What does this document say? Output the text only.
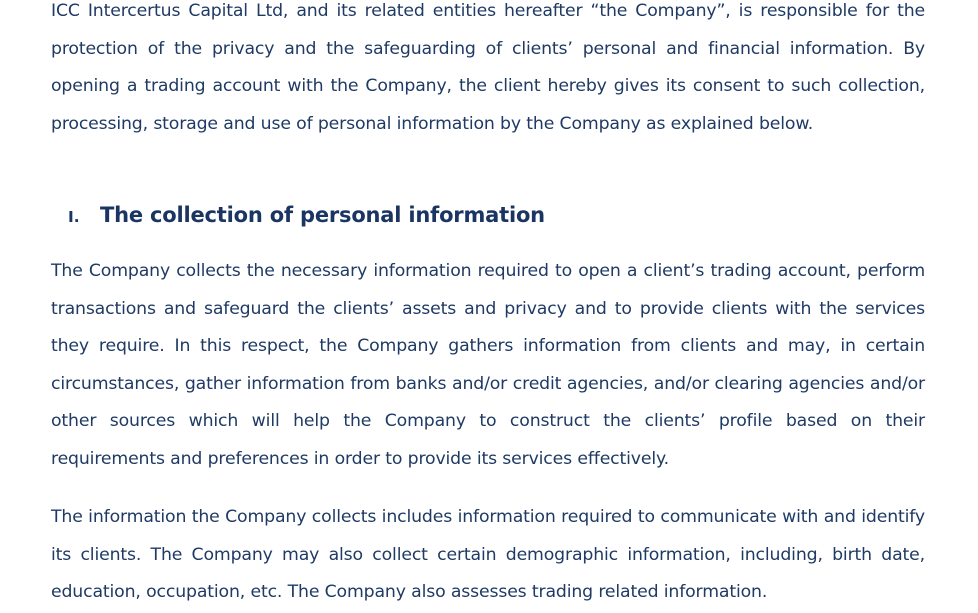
ICC Intercertus Capital Ltd, and its related entities hereafter “the Company”, is responsible for the protection of the privacy and the safeguarding of clients’ personal and financial information. By opening a trading account with the Company, the client hereby gives its consent to such collection, processing, storage and use of personal information by the Company as explained below.

I. The collection of personal information

The Company collects the necessary information required to open a client’s trading account, perform transactions and safeguard the clients’ assets and privacy and to provide clients with the services they require. In this respect, the Company gathers information from clients and may, in certain circumstances, gather information from banks and/or credit agencies, and/or clearing agencies and/or other sources which will help the Company to construct the clients’ profile based on their requirements and preferences in order to provide its services effectively.

The information the Company collects includes information required to communicate with and identify its clients. The Company may also collect certain demographic information, including, birth date, education, occupation, etc. The Company also assesses trading related information.
